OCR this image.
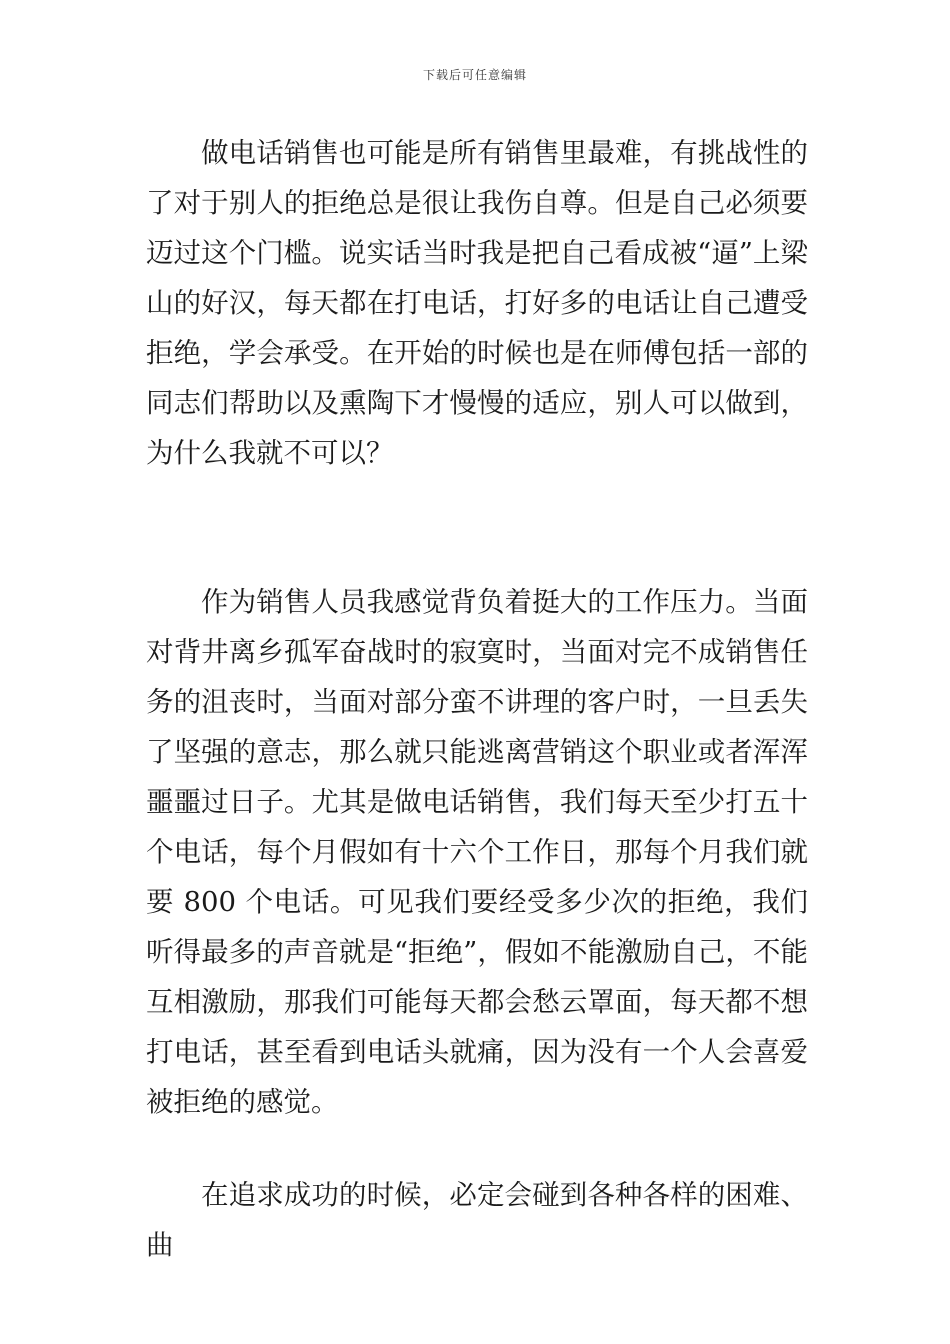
下载后可任意编辑

做电话销售也可能是所有销售里最难，有挑战性的了对于别人的拒绝总是很让我伤自尊。但是自己必须要迈过这个门槛。说实话当时我是把自己看成被“逼”上梁山的好汉，每天都在打电话，打好多的电话让自己遭受拒绝，学会承受。在开始的时候也是在师傅包括一部的同志们帮助以及熏陶下才慢慢的适应，别人可以做到，为什么我就不可以？

作为销售人员我感觉背负着挺大的工作压力。当面对背井离乡孤军奋战时的寂寞时，当面对完不成销售任务的沮丧时，当面对部分蛮不讲理的客户时，一旦丢失了坚强的意志，那么就只能逃离营销这个职业或者浑浑噩噩过日子。尤其是做电话销售，我们每天至少打五十个电话，每个月假如有十六个工作日，那每个月我们就要 800 个电话。可见我们要经受多少次的拒绝，我们听得最多的声音就是“拒绝”，假如不能激励自己，不能互相激励，那我们可能每天都会愁云罩面，每天都不想打电话，甚至看到电话头就痛，因为没有一个人会喜爱被拒绝的感觉。

在追求成功的时候，必定会碰到各种各样的困难、曲
